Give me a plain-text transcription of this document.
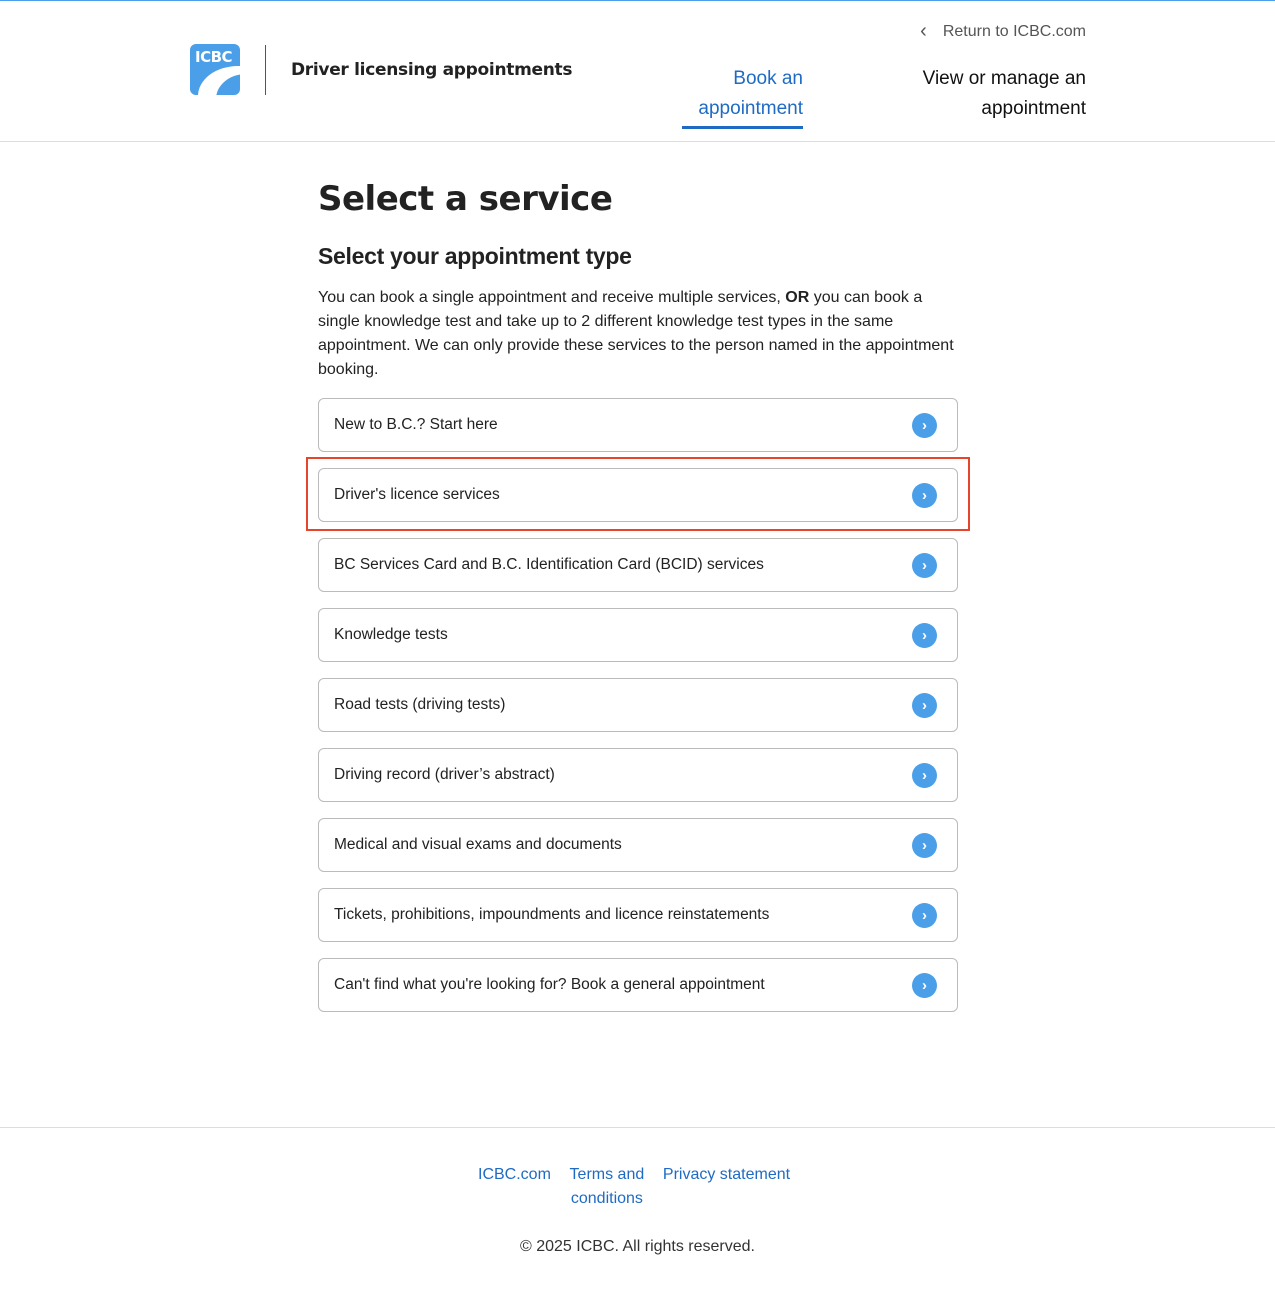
ICBC
Driver licensing appointments
‹ Return to ICBC.com
Book an
appointment
View or manage an
appointment
Select a service
Select your appointment type

You can book a single appointment and receive multiple services, OR you can book a single knowledge test and take up to 2 different knowledge test types in the same appointment. We can only provide these services to the person named in the appointment booking.

New to B.C.? Start here	›
Driver's licence services	›
BC Services Card and B.C. Identification Card (BCID) services	›
Knowledge tests	›
Road tests (driving tests)	›
Driving record (driver’s abstract)	›
Medical and visual exams and documents	›
Tickets, prohibitions, impoundments and licence reinstatements	›
Can't find what you're looking for? Book a general appointment	›
ICBC.com Terms and conditions
Privacy statement
© 2025 ICBC. All rights reserved.
